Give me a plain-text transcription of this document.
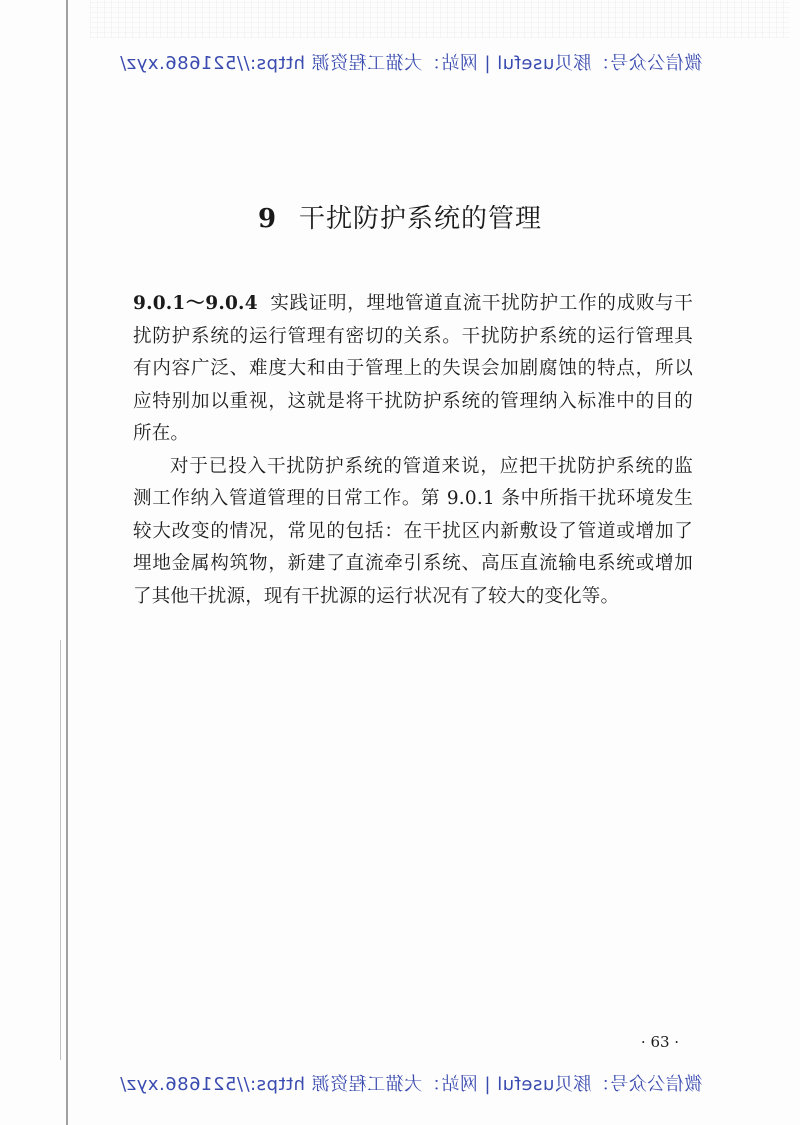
微信公众号：豚贝useful | 网站：大猫工程资源 https://521686.xyz/
9 干扰防护系统的管理

9.0.1～9.0.4 实践证明，埋地管道直流干扰防护工作的成败与干扰防护系统的运行管理有密切的关系。干扰防护系统的运行管理具有内容广泛、难度大和由于管理上的失误会加剧腐蚀的特点，所以应特别加以重视，这就是将干扰防护系统的管理纳入标准中的目的所在。

对于已投入干扰防护系统的管道来说，应把干扰防护系统的监测工作纳入管道管理的日常工作。第 9.0.1 条中所指干扰环境发生较大改变的情况，常见的包括：在干扰区内新敷设了管道或增加了埋地金属构筑物，新建了直流牵引系统、高压直流输电系统或增加了其他干扰源，现有干扰源的运行状况有了较大的变化等。

· 63 ·
微信公众号：豚贝useful | 网站：大猫工程资源 https://521686.xyz/
